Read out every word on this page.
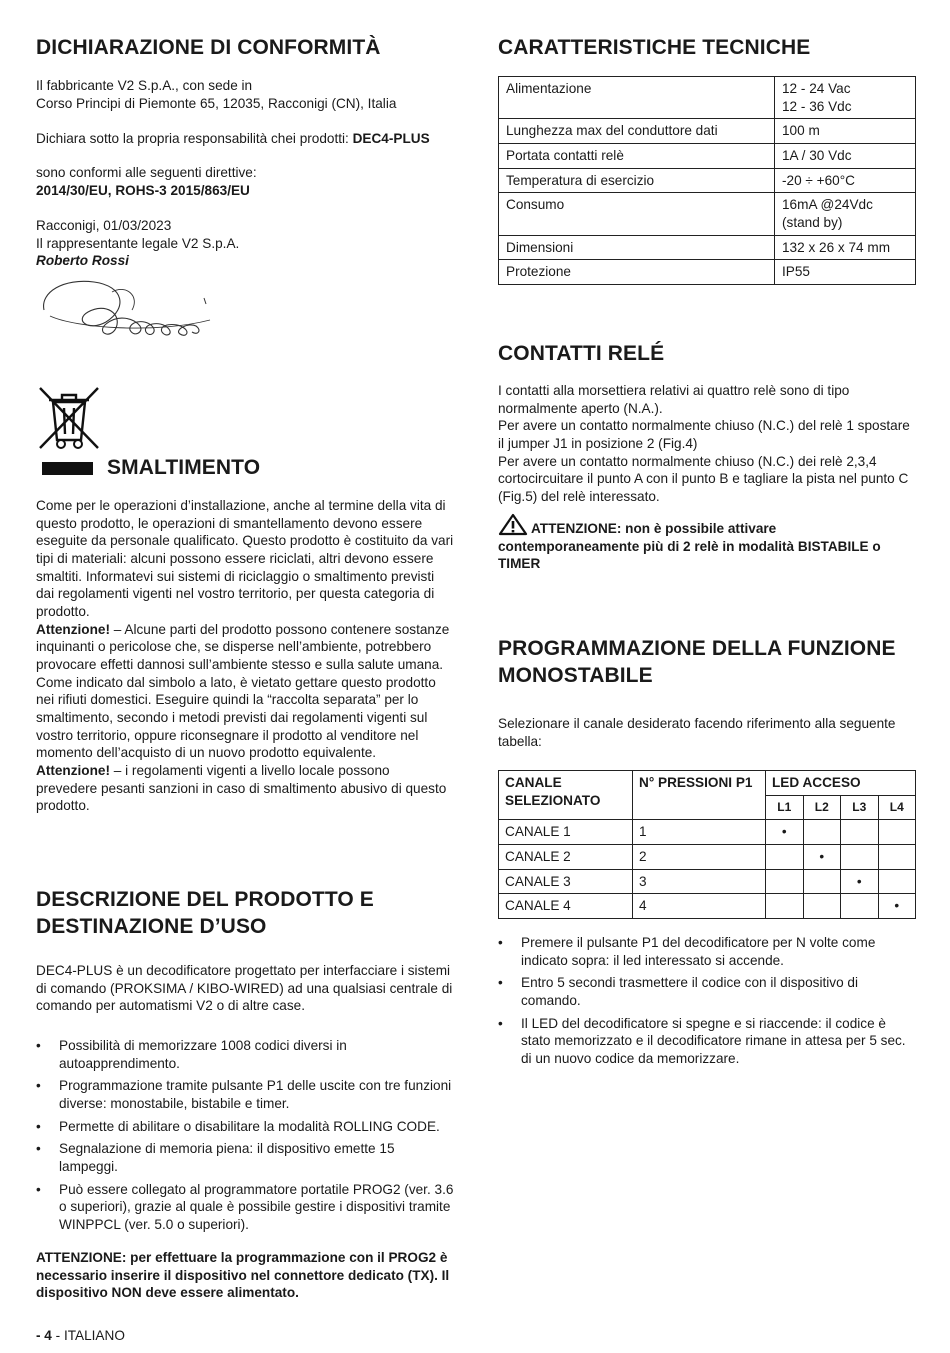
DICHIARAZIONE DI CONFORMITÀ

Il fabbricante V2 S.p.A., con sede in

Corso Principi di Piemonte 65, 12035, Racconigi (CN), Italia

Dichiara sotto la propria responsabilità chei prodotti: DEC4-PLUS

sono conformi alle seguenti direttive:

2014/30/EU, ROHS-3 2015/863/EU

Racconigi, 01/03/2023

Il rappresentante legale V2 S.p.A.

Roberto Rossi

SMALTIMENTO

Come per le operazioni d’installazione, anche al termine della vita di questo prodotto, le operazioni di smantellamento devono essere eseguite da personale qualificato. Questo prodotto è costituito da vari tipi di materiali: alcuni possono essere riciclati, altri devono essere smaltiti. Informatevi sui sistemi di riciclaggio o smaltimento previsti dai regolamenti vigenti nel vostro territorio, per questa categoria di prodotto.

Attenzione! – Alcune parti del prodotto possono contenere sostanze inquinanti o pericolose che, se disperse nell’ambiente, potrebbero provocare effetti dannosi sull’ambiente stesso e sulla salute umana. Come indicato dal simbolo a lato, è vietato gettare questo prodotto nei rifiuti domestici. Eseguire quindi la “raccolta separata” per lo smaltimento, secondo i metodi previsti dai regolamenti vigenti sul vostro territorio, oppure riconsegnare il prodotto al venditore nel momento dell’acquisto di un nuovo prodotto equivalente.

Attenzione! – i regolamenti vigenti a livello locale possono prevedere pesanti sanzioni in caso di smaltimento abusivo di questo prodotto.

DESCRIZIONE DEL PRODOTTO E
DESTINAZIONE D’USO

DEC4-PLUS è un decodificatore progettato per interfacciare i sistemi di comando (PROKSIMA / KIBO-WIRED) ad una qualsiasi centrale di comando per automatismi V2 o di altre case.

• Possibilità di memorizzare 1008 codici diversi in autoapprendimento.
• Programmazione tramite pulsante P1 delle uscite con tre funzioni diverse: monostabile, bistabile e timer.
• Permette di abilitare o disabilitare la modalità ROLLING CODE.
• Segnalazione di memoria piena: il dispositivo emette 15 lampeggi.
• Può essere collegato al programmatore portatile PROG2 (ver. 3.6 o superiori), grazie al quale è possibile gestire i dispositivi tramite WINPPCL (ver. 5.0 o superiori).

ATTENZIONE: per effettuare la programmazione con il PROG2 è necessario inserire il dispositivo nel connettore dedicato (TX). Il dispositivo NON deve essere alimentato.

CARATTERISTICHE TECNICHE
Alimentazione	12 - 24 Vac
12 - 36 Vdc
Lunghezza max del conduttore dati	100 m
Portata contatti relè	1A / 30 Vdc
Temperatura di esercizio	-20 ÷ +60°C
Consumo	16mA @24Vdc
(stand by)
Dimensioni	132 x 26 x 74 mm
Protezione	IP55
CONTATTI RELÉ

I contatti alla morsettiera relativi ai quattro relè sono di tipo normalmente aperto (N.A.).

Per avere un contatto normalmente chiuso (N.C.) del relè 1 spostare il jumper J1 in posizione 2 (Fig.4)

Per avere un contatto normalmente chiuso (N.C.) dei relè 2,3,4 cortocircuitare il punto A con il punto B e tagliare la pista nel punto C (Fig.5) del relè interessato.

ATTENZIONE: non è possibile attivare contemporaneamente più di 2 relè in modalità BISTABILE o TIMER

PROGRAMMAZIONE DELLA FUNZIONE
MONOSTABILE

Selezionare il canale desiderato facendo riferimento alla seguente tabella:

CANALE SELEZIONATO	N° PRESSIONI P1	LED ACCESO			
		L1	L2	L3	L4
CANALE 1	1	•			
CANALE 2	2		•		
CANALE 3	3			•	
CANALE 4	4				•
• Premere il pulsante P1 del decodificatore per N volte come indicato sopra: il led interessato si accende.
• Entro 5 secondi trasmettere il codice con il dispositivo di comando.
• Il LED del decodificatore si spegne e si riaccende: il codice è stato memorizzato e il decodificatore rimane in attesa per 5 sec. di un nuovo codice da memorizzare.
- 4 - ITALIANO
